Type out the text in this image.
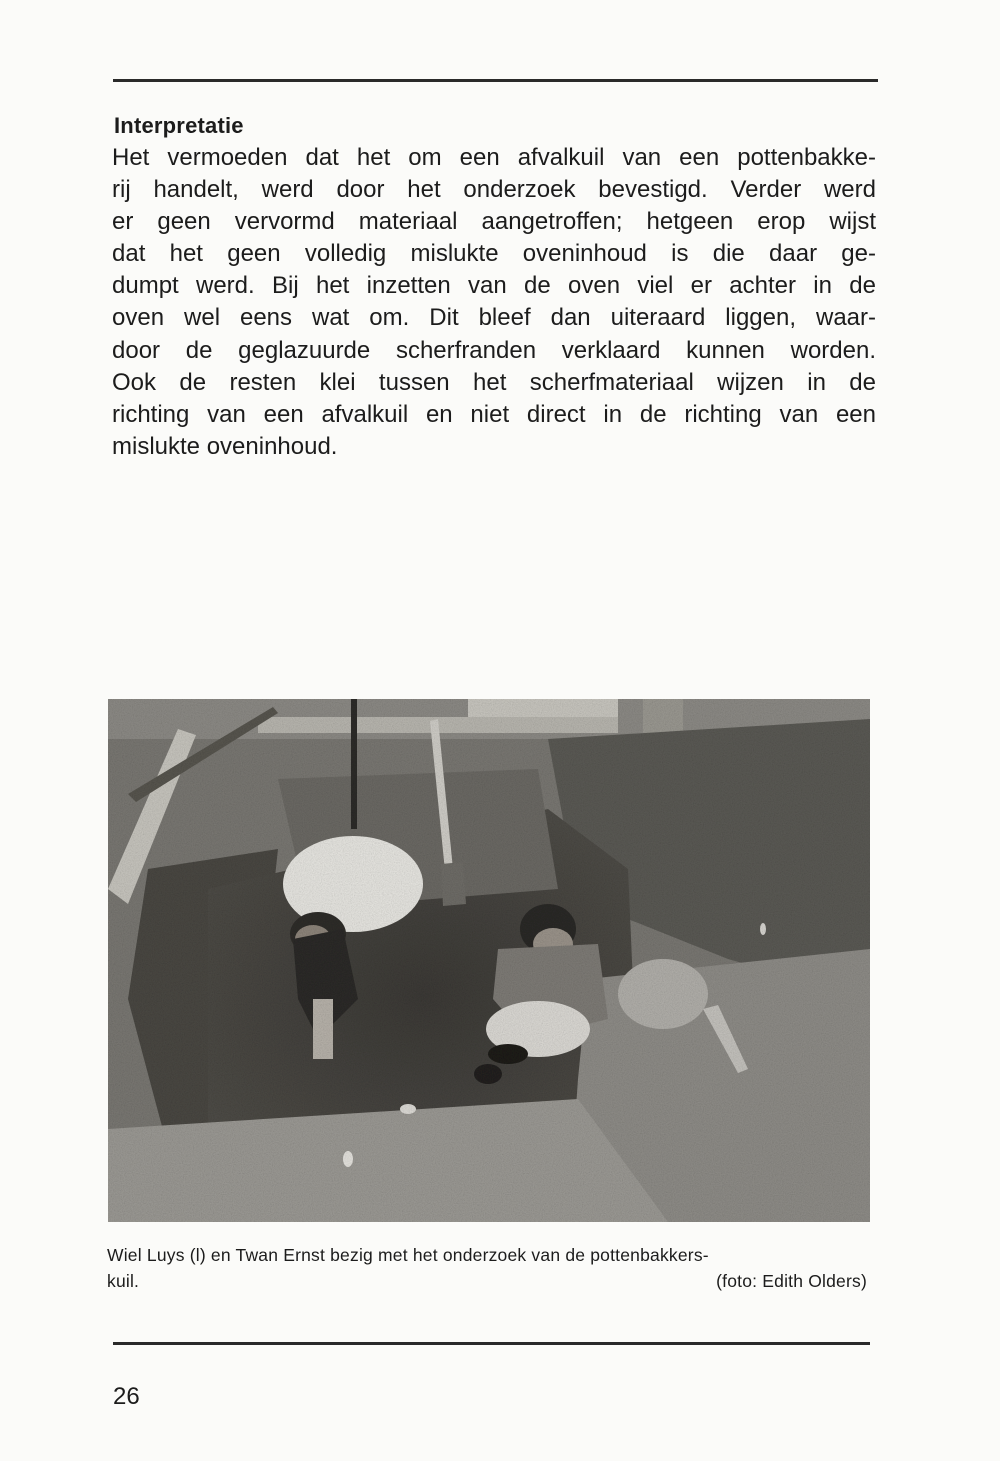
Interpretatie
Het vermoeden dat het om een afvalkuil van een pottenbakke-
rij handelt, werd door het onderzoek bevestigd. Verder werd
er geen vervormd materiaal aangetroffen; hetgeen erop wijst
dat het geen volledig mislukte oveninhoud is die daar ge-
dumpt werd. Bij het inzetten van de oven viel er achter in de
oven wel eens wat om. Dit bleef dan uiteraard liggen, waar-
door de geglazuurde scherfranden verklaard kunnen worden.
Ook de resten klei tussen het scherfmateriaal wijzen in de
richting van een afvalkuil en niet direct in de richting van een
mislukte oveninhoud.
Wiel Luys (l) en Twan Ernst bezig met het onderzoek van de pottenbakkers-
kuil.	(foto: Edith Olders)
26
